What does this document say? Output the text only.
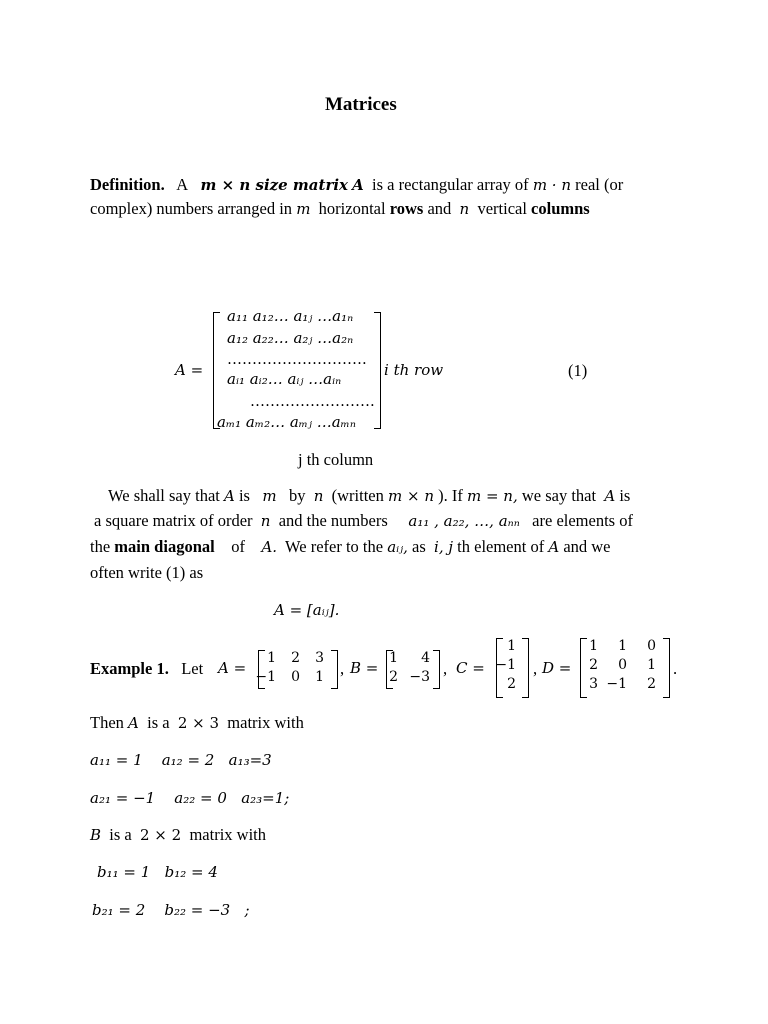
Matrices
Definition. A m × n size matrix A is a rectangular array of m · n real (or
complex) numbers arranged in m horizontal rows and n vertical columns
A =
a₁₁ a₁₂… a₁ⱼ …a₁ₙ
a₁₂ a₂₂… a₂ⱼ …a₂ₙ
……………………….
aᵢ₁ aᵢ₂… aᵢⱼ …aᵢₙ
…………………….
aₘ₁ aₘ₂… aₘⱼ …aₘₙ
i th row	(1)
j th column
We shall say that A is m by n (written m × n ). If m = n, we say that A is
a square matrix of order n and the numbers a₁₁ , a₂₂, …, aₙₙ are elements of
the main diagonal of A. We refer to the aᵢⱼ, as i, j th element of A and we
often write (1) as
A = [aᵢⱼ].
Example 1. Let A =
1	2	3
−1	0	1 , B =
1	4
2 −3 , C =
1
−1
2
, D =
1	1	0
2	0	1
3 −1	2
.
Then A is a 2 × 3 matrix with
a₁₁ = 1 a₁₂ = 2 a₁₃=3
a₂₁ = −1 a₂₂ = 0 a₂₃=1;
B is a 2 × 2 matrix with
b₁₁ = 1 b₁₂ = 4
b₂₁ = 2 b₂₂ = −3 ;
